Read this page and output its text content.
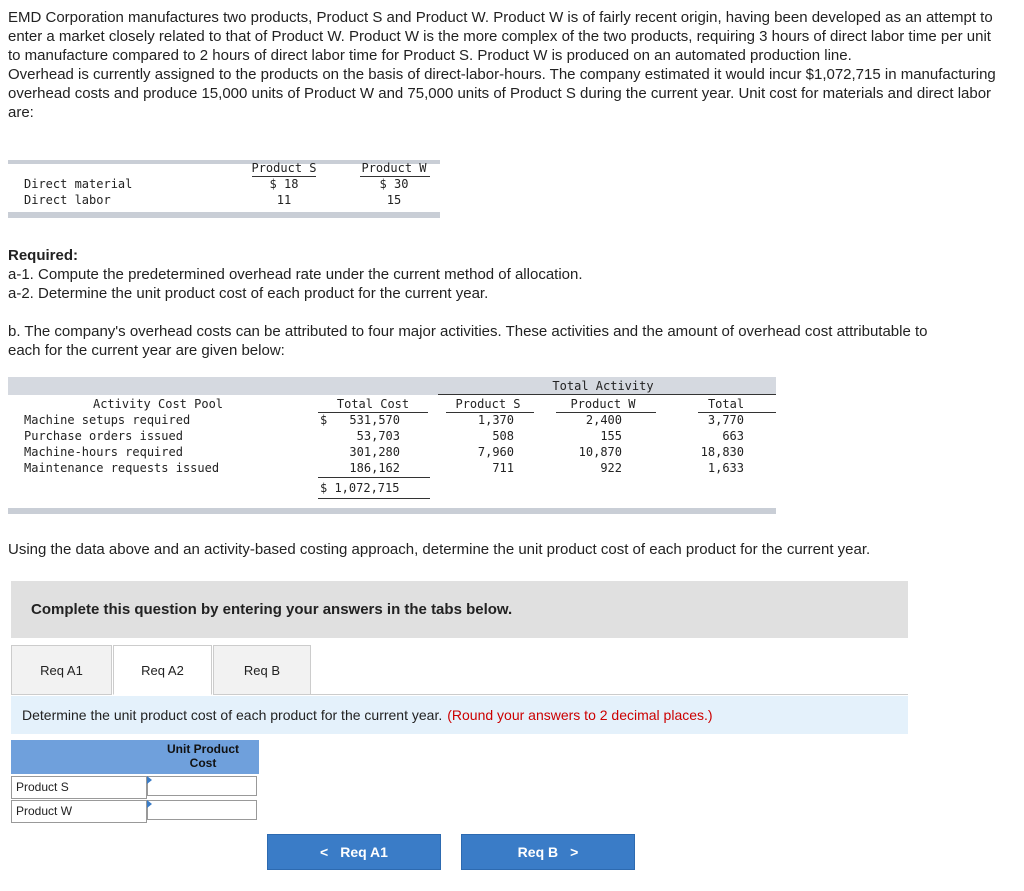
EMD Corporation manufactures two products, Product S and Product W. Product W is of fairly recent origin, having been developed as an attempt to enter a market closely related to that of Product W. Product W is the more complex of the two products, requiring 3 hours of direct labor time per unit to manufacture compared to 2 hours of direct labor time for Product S. Product W is produced on an automated production line.

Overhead is currently assigned to the products on the basis of direct-labor-hours. The company estimated it would incur $1,072,715 in manufacturing overhead costs and produce 15,000 units of Product W and 75,000 units of Product S during the current year. Unit cost for materials and direct labor are:

Product S	Product W
Direct material	$ 18	$ 30
Direct labor	11	15

Required:

a-1. Compute the predetermined overhead rate under the current method of allocation.

a-2. Determine the unit product cost of each product for the current year.

b. The company's overhead costs can be attributed to four major activities. These activities and the amount of overhead cost attributable to each for the current year are given below:

Total Activity
Activity Cost Pool	Total Cost	Product S	Product W	Total
$
Machine setups required	531,570	1,370	2,400	3,770
Purchase orders issued	53,703	508	155	663
Machine-hours required	301,280	7,960	10,870	18,830
Maintenance requests issued	186,162	711	922	1,633
$ 1,072,715

Using the data above and an activity-based costing approach, determine the unit product cost of each product for the current year.

Complete this question by entering your answers in the tabs below.
Req A1	Req A2	Req B
Determine the unit product cost of each product for the current year. (Round your answers to 2 decimal places.)
Unit Product Cost
Product S
Product W
< Req A1	Req B >
